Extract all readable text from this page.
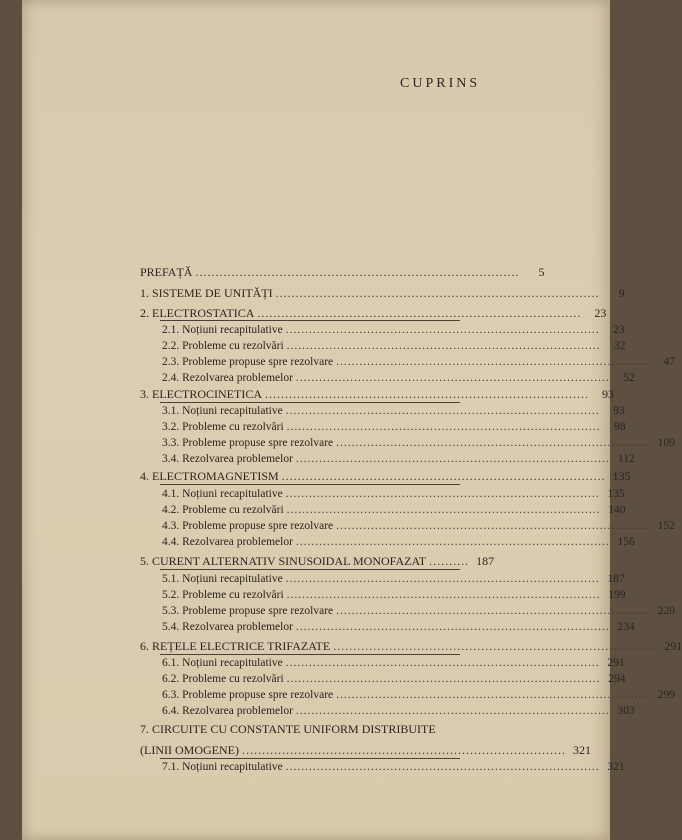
CUPRINS
PREFAȚĂ .................................................................................	5
1. SISTEME DE UNITĂȚI .................................................................................	9
2. ELECTROSTATICA .................................................................................	23
2.1. Noțiuni recapitulative .................................................................................	23
2.2. Probleme cu rezolvări .................................................................................	32
2.3. Probleme propuse spre rezolvare .................................................................................	47
2.4. Rezolvarea problemelor .................................................................................	52
3. ELECTROCINETICA .................................................................................	93
3.1. Noțiuni recapitulative .................................................................................	93
3.2. Probleme cu rezolvări .................................................................................	98
3.3. Probleme propuse spre rezolvare ................................................................................. 109
3.4. Rezolvarea problemelor ................................................................................. 112
4. ELECTROMAGNETISM ................................................................................. 135
4.1. Noțiuni recapitulative ................................................................................. 135
4.2. Probleme cu rezolvări ................................................................................. 140
4.3. Probleme propuse spre rezolvare ................................................................................. 152
4.4. Rezolvarea problemelor ................................................................................. 156
5. CURENT ALTERNATIV SINUSOIDAL MONOFAZAT .......... 187
5.1. Noțiuni recapitulative ................................................................................. 187
5.2. Probleme cu rezolvări ................................................................................. 199
5.3. Probleme propuse spre rezolvare ................................................................................. 220
5.4. Rezolvarea problemelor ................................................................................. 234
6. REȚELE ELECTRICE TRIFAZATE ................................................................................. 291
6.1. Noțiuni recapitulative ................................................................................. 291
6.2. Probleme cu rezolvări ................................................................................. 294
6.3. Probleme propuse spre rezolvare ................................................................................. 299
6.4. Rezolvarea problemelor ................................................................................. 303
7. CIRCUITE CU CONSTANTE UNIFORM DISTRIBUITE
(LINII OMOGENE) ................................................................................. 321
7.1. Noțiuni recapitulative ................................................................................. 321
